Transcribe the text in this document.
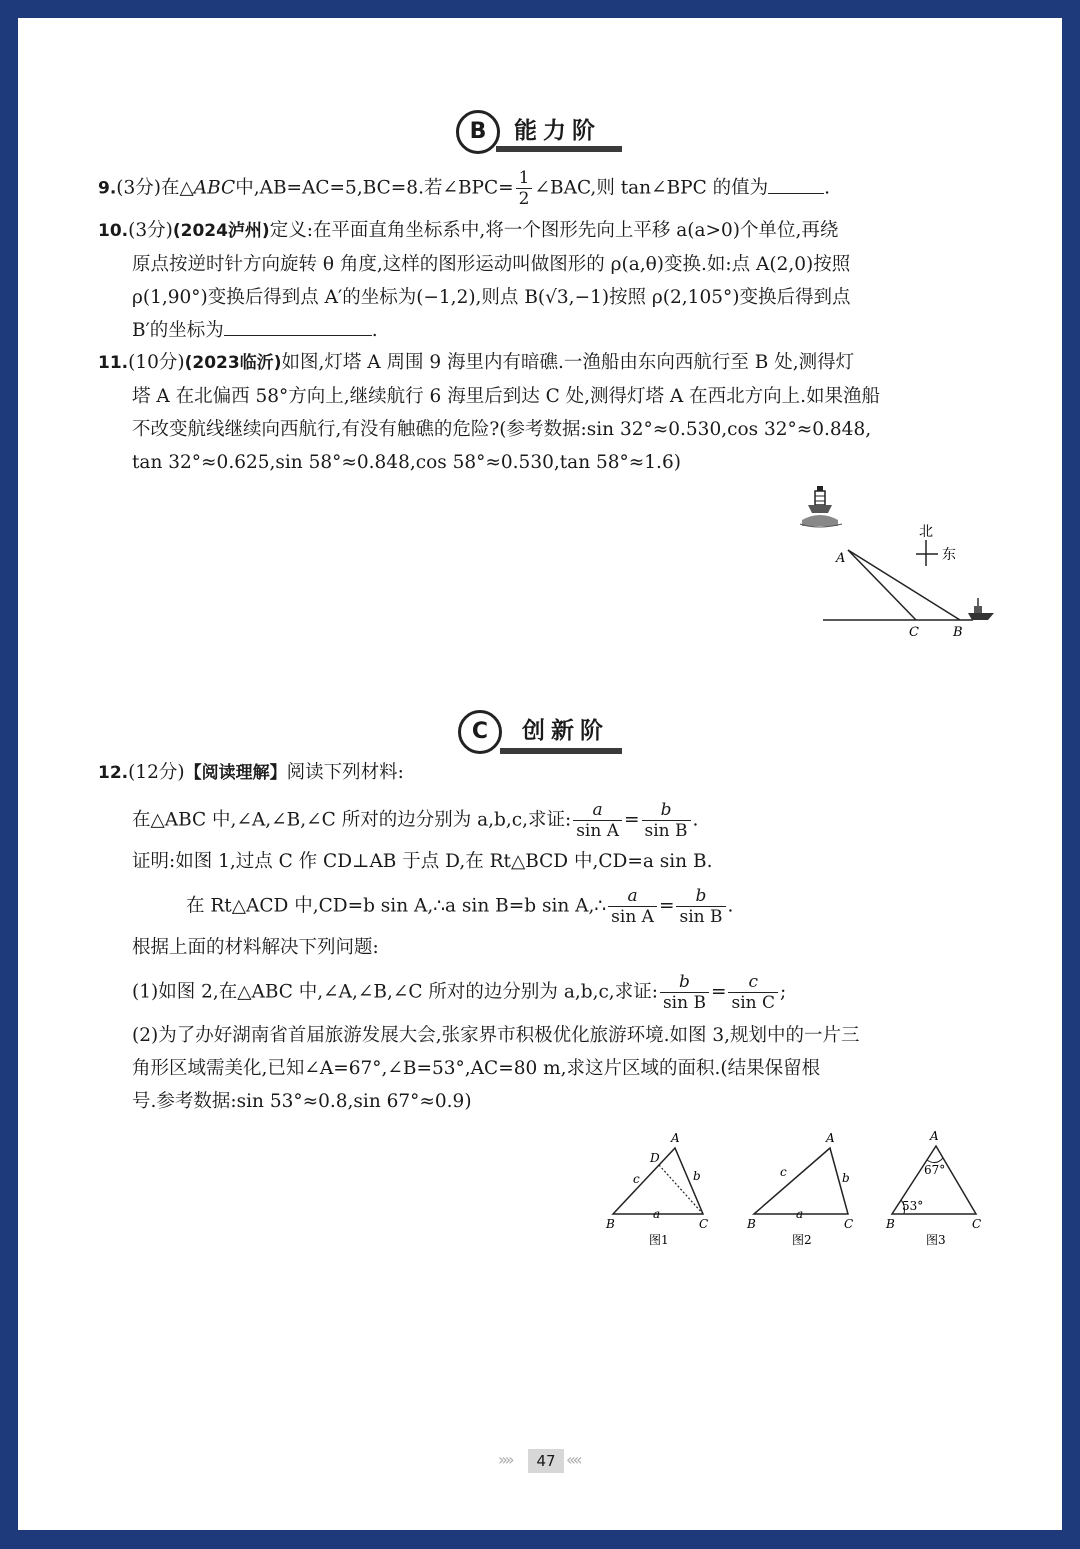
B	能力阶

9.(3分)在△ABC中,AB=AC=5,BC=8.若∠BPC= $\frac{1}{2}$ ∠BAC,则 tan∠BPC 的值为	.

10.(3分)(2024泸州)定义:在平面直角坐标系中,将一个图形先向上平移 a(a>0)个单位,再绕

原点按逆时针方向旋转 θ 角度,这样的图形运动叫做图形的 ρ(a,θ)变换.如:点 A(2,0)按照

ρ(1,90°)变换后得到点 A′的坐标为(−1,2),则点 B(√3,−1)按照 ρ(2,105°)变换后得到点

B′的坐标为	.

11.(10分)(2023临沂)如图,灯塔 A 周围 9 海里内有暗礁.一渔船由东向西航行至 B 处,测得灯

塔 A 在北偏西 58°方向上,继续航行 6 海里后到达 C 处,测得灯塔 A 在西北方向上.如果渔船

不改变航线继续向西航行,有没有触礁的危险?(参考数据:sin 32°≈0.530,cos 32°≈0.848,

tan 32°≈0.625,sin 58°≈0.848,cos 58°≈0.530,tan 58°≈1.6)

北
东
A
C	B
C	创新阶

12.(12分)【阅读理解】阅读下列材料:

在△ABC 中,∠A,∠B,∠C 所对的边分别为 a,b,c,求证: $\frac{a}{\text{sin A}} = \frac{b}{\text{sin B}}$ .

证明:如图 1,过点 C 作 CD⊥AB 于点 D,在 Rt△BCD 中,CD=a sin B.

在 Rt△ACD 中,CD=b sin A,∴a sin B=b sin A,∴ $\frac{a}{\text{sin A}} = \frac{b}{\text{sin B}}$ .

根据上面的材料解决下列问题:

(1)如图 2,在△ABC 中,∠A,∠B,∠C 所对的边分别为 a,b,c,求证: $\frac{b}{\text{sin B}} = \frac{c}{\text{sin C}}$ ;

(2)为了办好湖南省首届旅游发展大会,张家界市积极优化旅游环境.如图 3,规划中的一片三

角形区域需美化,已知∠A=67°,∠B=53°,AC=80 m,求这片区域的面积.(结果保留根

号.参考数据:sin 53°≈0.8,sin 67°≈0.9)

A
B	C
D
a
b
c
图1
A
B	C
a
b
c
图2
A
B	C
67°
53°
图3
»»	47 ««
